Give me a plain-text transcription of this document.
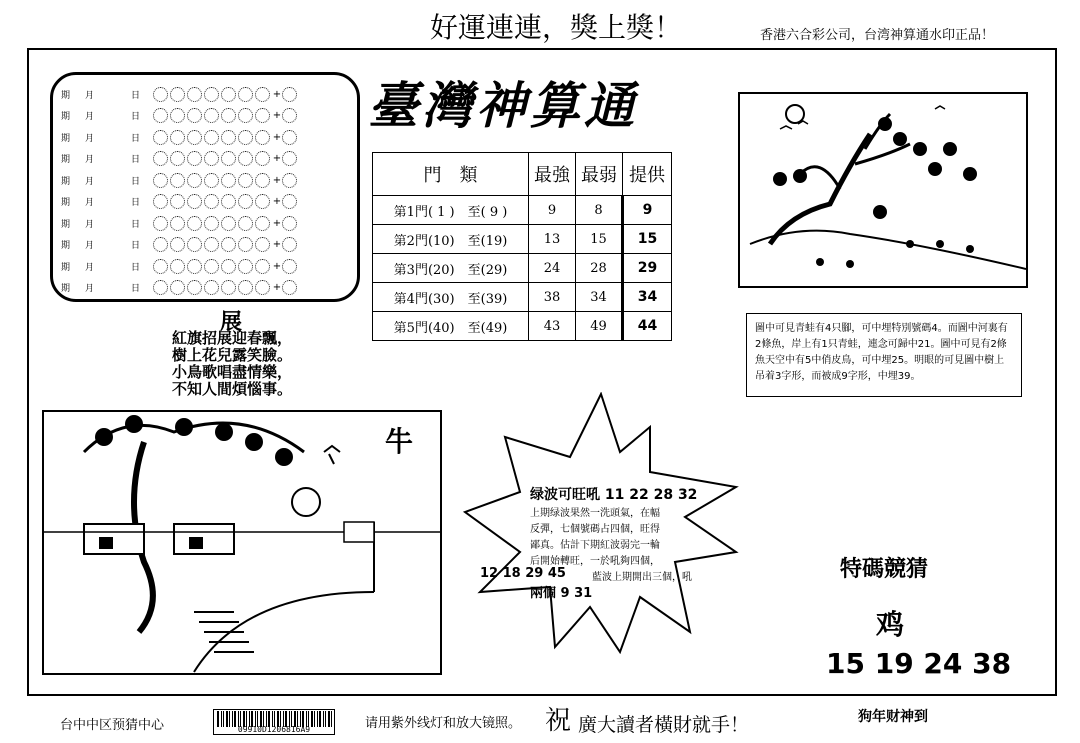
好運連連，獎上獎！	香港六合彩公司，台湾神算通水印正品！
期	月	日	+
期	月	日	+
期	月	日	+
期	月	日	+
期	月	日	+
期	月	日	+
期	月	日	+
期	月	日	+
期	月	日	+
期	月	日	+
臺灣神算通
門　類	最強	最弱	提供
第1門( 1 )　至( 9 )	9	8	9
第2門(10)　至(19)	13	15	15
第3門(20)　至(29)	24	28	29
第4門(30)　至(39)	38	34	34
第5門(40)　至(49)	43	49	44
展
紅旗招展迎春飄，
樹上花兒露笑臉。
小鳥歌唱盡情樂，
不知人間煩惱事。
圖中可見青蛙有4只腳，可中埋特別號碼4。而圖中河裏有2條魚，岸上有1只青蛙，連念可歸中21。圖中可見有2條魚天空中有5中俏皮鳥，可中埋25。明眼的可見圖中樹上吊着3字形，而被成9字形，中埋39。
牛
绿波可旺吼 11 22 28 32
上期绿波果然一洗頭氣，在幅
反彈，七個號碼占四個，旺得
鄙真。估計下期紅波弱完一輪
后開始轉旺，一於吼夠四個，
12 18 29 45	藍波上期開出三個，吼
兩個 9 31
特碼競猜
鸡
15 19 24 38
台中中区预猜中心	09910D1206816A9	请用紫外线灯和放大镜照。 祝 廣大讀者橫財就手！	狗年财神到
